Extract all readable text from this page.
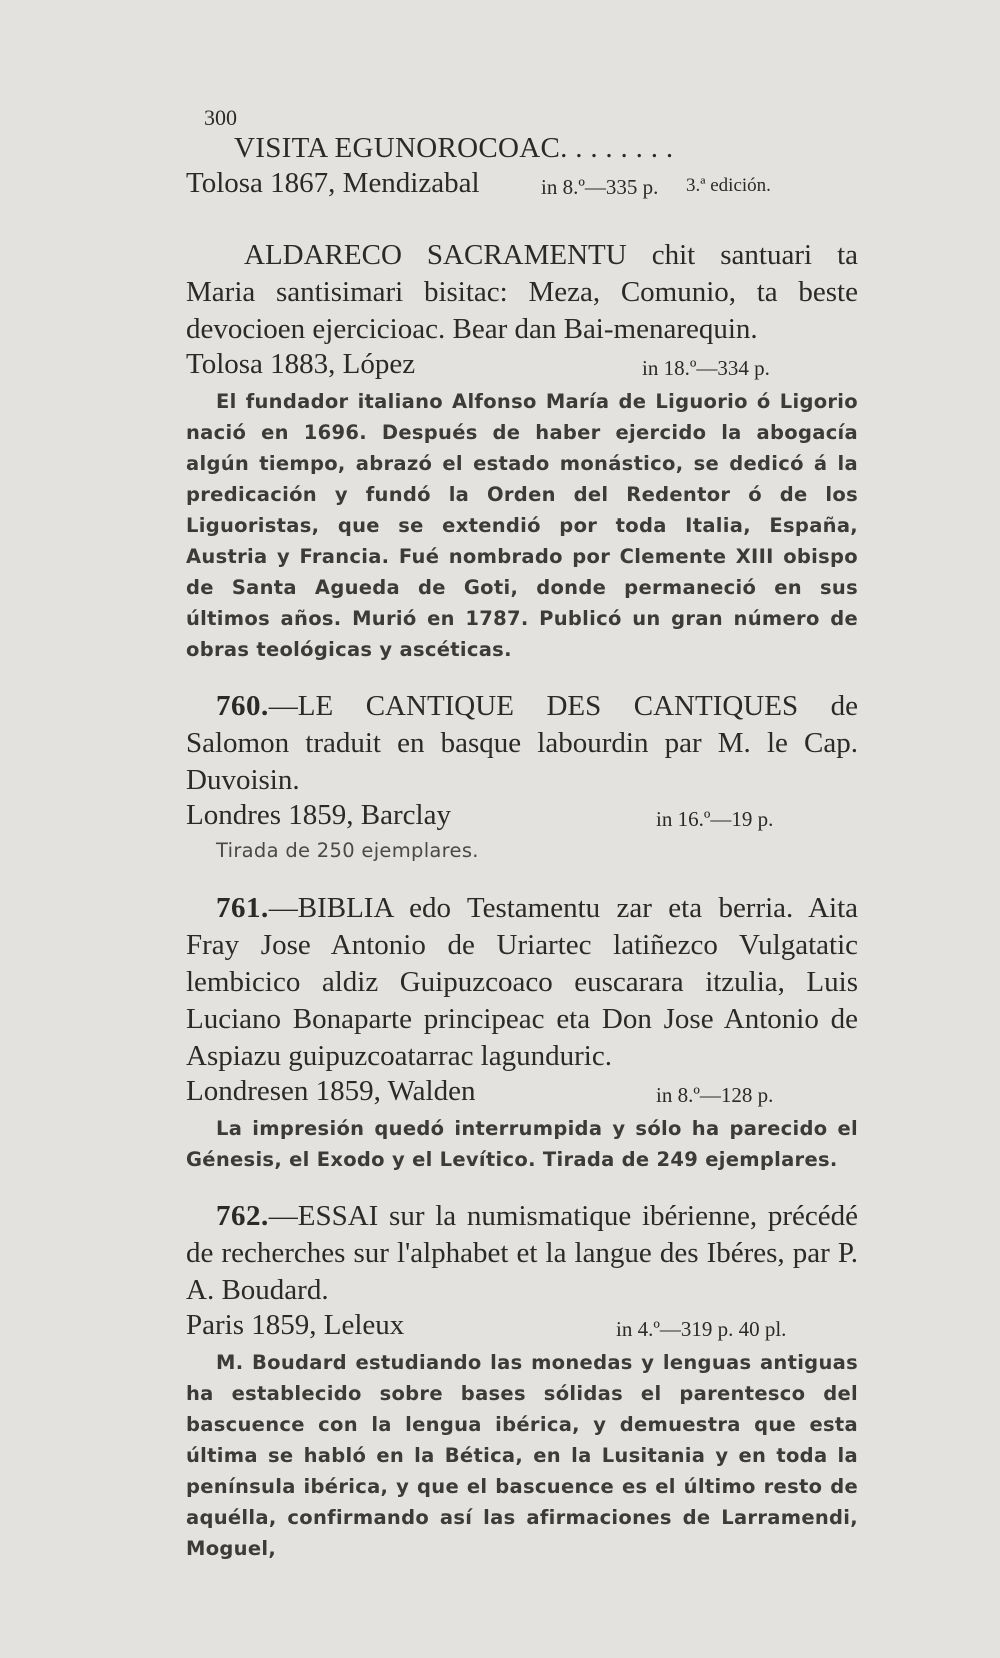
300
VISITA EGUNOROCOAC. . . . . . . .
Tolosa 1867, Mendizabal	in 8.º—335 p. 3.ª edición.
ALDARECO SACRAMENTU chit santuari ta Maria santisimari bisitac: Meza, Comunio, ta beste devocioen ejercicioac. Bear dan Bai-menarequin.
Tolosa 1883, López	in 18.º—334 p.
El fundador italiano Alfonso María de Liguorio ó Ligorio nació en 1696. Después de haber ejercido la abogacía algún tiempo, abrazó el estado monástico, se dedicó á la predicación y fundó la Orden del Redentor ó de los Liguoristas, que se extendió por toda Italia, España, Austria y Francia. Fué nombrado por Clemente XIII obispo de Santa Agueda de Goti, donde permaneció en sus últimos años. Murió en 1787. Publicó un gran número de obras teológicas y ascéticas.
760.—LE CANTIQUE DES CANTIQUES de Salomon traduit en basque labourdin par M. le Cap. Duvoisin.
Londres 1859, Barclay	in 16.º—19 p.
Tirada de 250 ejemplares.
761.—BIBLIA edo Testamentu zar eta berria. Aita Fray Jose Antonio de Uriartec latiñezco Vulgatatic lembicico aldiz Guipuzcoaco euscarara itzulia, Luis Luciano Bonaparte principeac eta Don Jose Antonio de Aspiazu guipuzcoatarrac lagunduric.
Londresen 1859, Walden	in 8.º—128 p.
La impresión quedó interrumpida y sólo ha parecido el Génesis, el Exodo y el Levítico. Tirada de 249 ejemplares.
762.—ESSAI sur la numismatique ibérienne, précédé de recherches sur l'alphabet et la langue des Ibéres, par P. A. Boudard.
Paris 1859, Leleux	in 4.º—319 p. 40 pl.
M. Boudard estudiando las monedas y lenguas antiguas ha establecido sobre bases sólidas el parentesco del bascuence con la lengua ibérica, y demuestra que esta última se habló en la Bética, en la Lusitania y en toda la península ibérica, y que el bascuence es el último resto de aquélla, confirmando así las afirmaciones de Larramendi, Moguel,
